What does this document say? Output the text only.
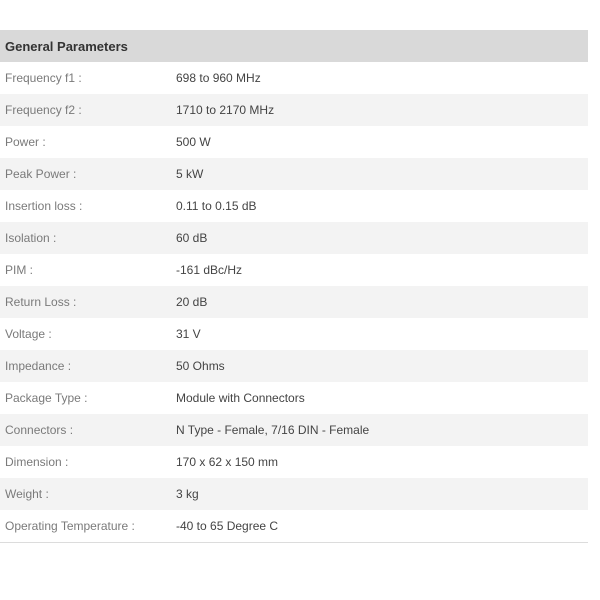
General Parameters
Frequency f1 :	698 to 960 MHz
Frequency f2 :	1710 to 2170 MHz
Power :	500 W
Peak Power :	5 kW
Insertion loss :	0.11 to 0.15 dB
Isolation :	60 dB
PIM :	-161 dBc/Hz
Return Loss :	20 dB
Voltage :	31 V
Impedance :	50 Ohms
Package Type :	Module with Connectors
Connectors :	N Type - Female, 7/16 DIN - Female
Dimension :	170 x 62 x 150 mm
Weight :	3 kg
Operating Temperature :	-40 to 65 Degree C
